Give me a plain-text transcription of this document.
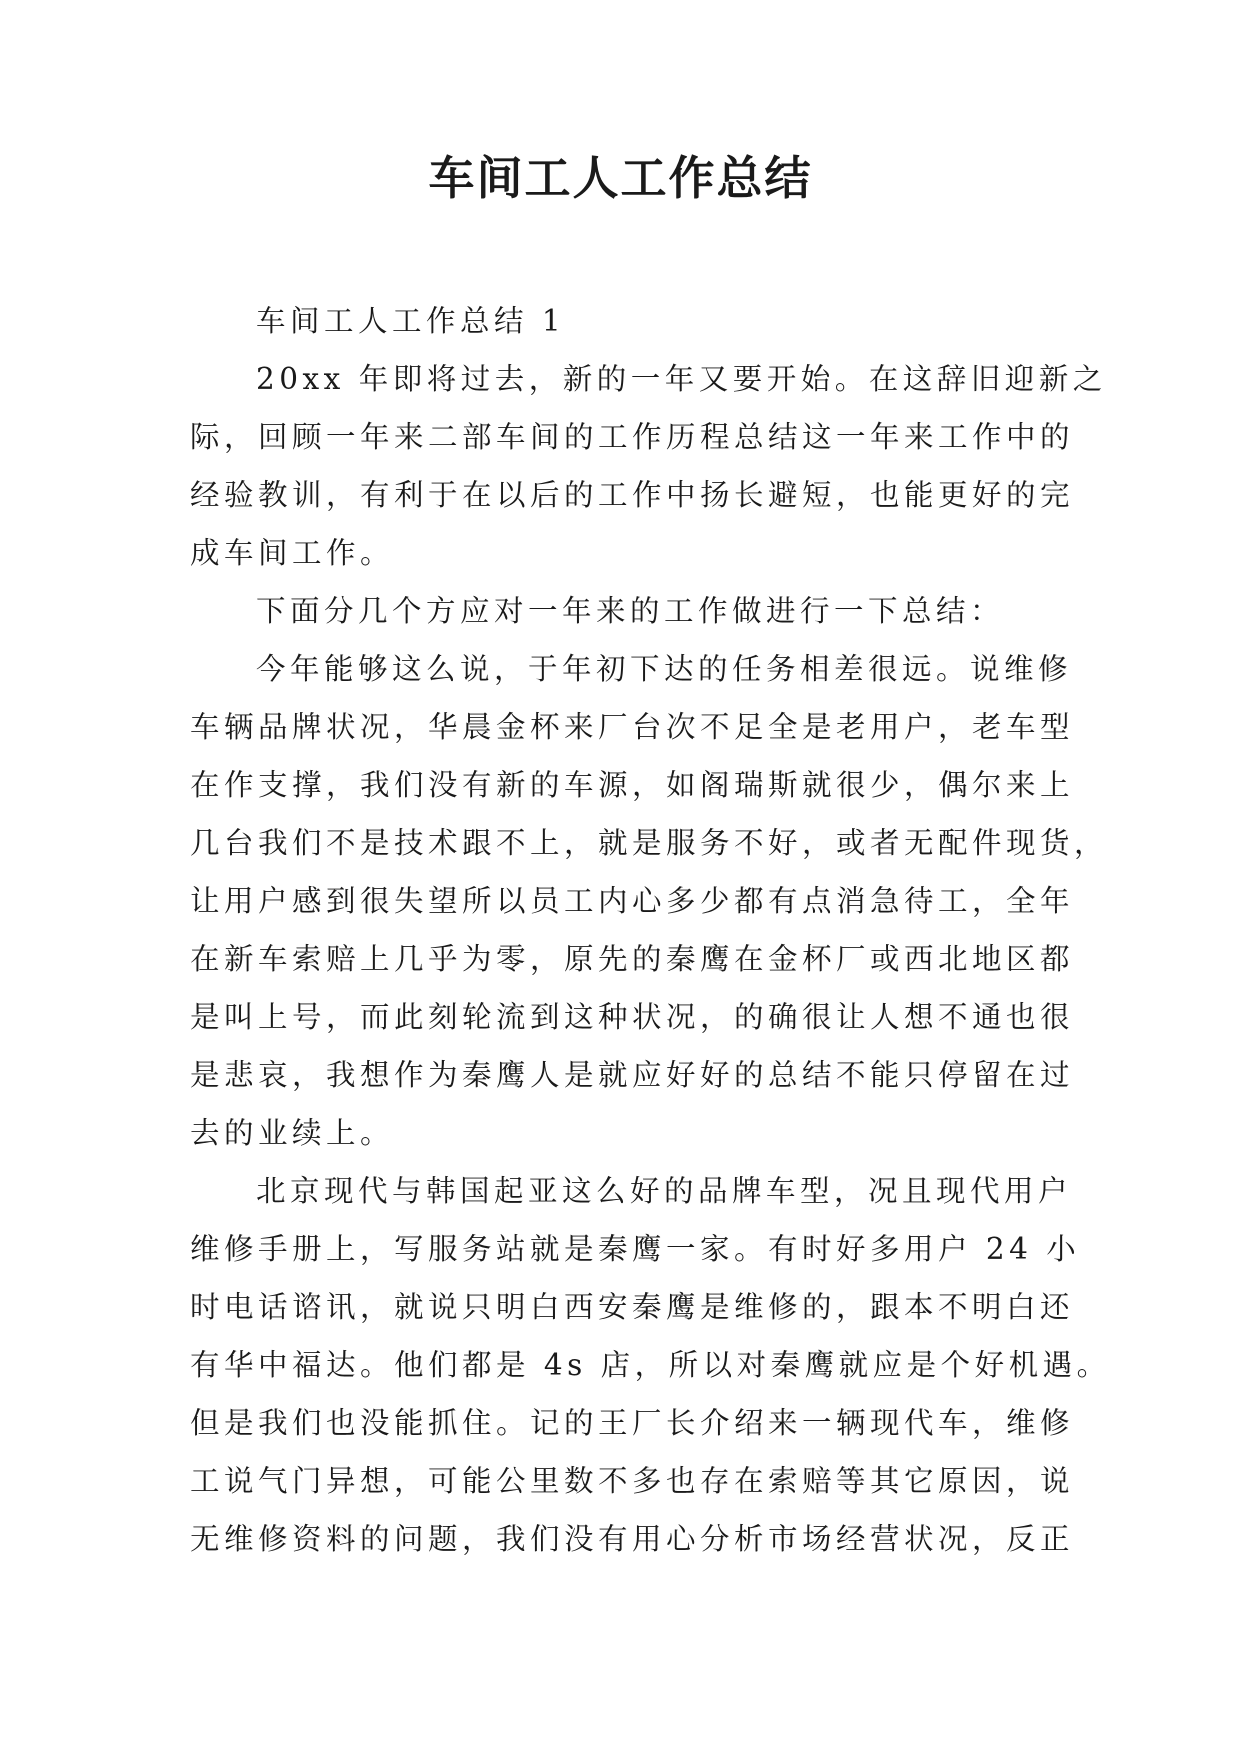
车间工人工作总结

车间工人工作总结 1

20xx 年即将过去，新的一年又要开始。在这辞旧迎新之
际，回顾一年来二部车间的工作历程总结这一年来工作中的
经验教训，有利于在以后的工作中扬长避短，也能更好的完
成车间工作。

下面分几个方应对一年来的工作做进行一下总结：

今年能够这么说，于年初下达的任务相差很远。说维修
车辆品牌状况，华晨金杯来厂台次不足全是老用户，老车型
在作支撑，我们没有新的车源，如阁瑞斯就很少，偶尔来上
几台我们不是技术跟不上，就是服务不好，或者无配件现货，
让用户感到很失望所以员工内心多少都有点消急待工，全年
在新车索赔上几乎为零，原先的秦鹰在金杯厂或西北地区都
是叫上号，而此刻轮流到这种状况，的确很让人想不通也很
是悲哀，我想作为秦鹰人是就应好好的总结不能只停留在过
去的业续上。

北京现代与韩国起亚这么好的品牌车型，况且现代用户
维修手册上，写服务站就是秦鹰一家。有时好多用户 24 小
时电话谘讯，就说只明白西安秦鹰是维修的，跟本不明白还
有华中福达。他们都是 4s 店，所以对秦鹰就应是个好机遇。
但是我们也没能抓住。记的王厂长介绍来一辆现代车，维修
工说气门异想，可能公里数不多也存在索赔等其它原因，说
无维修资料的问题，我们没有用心分析市场经营状况，反正
